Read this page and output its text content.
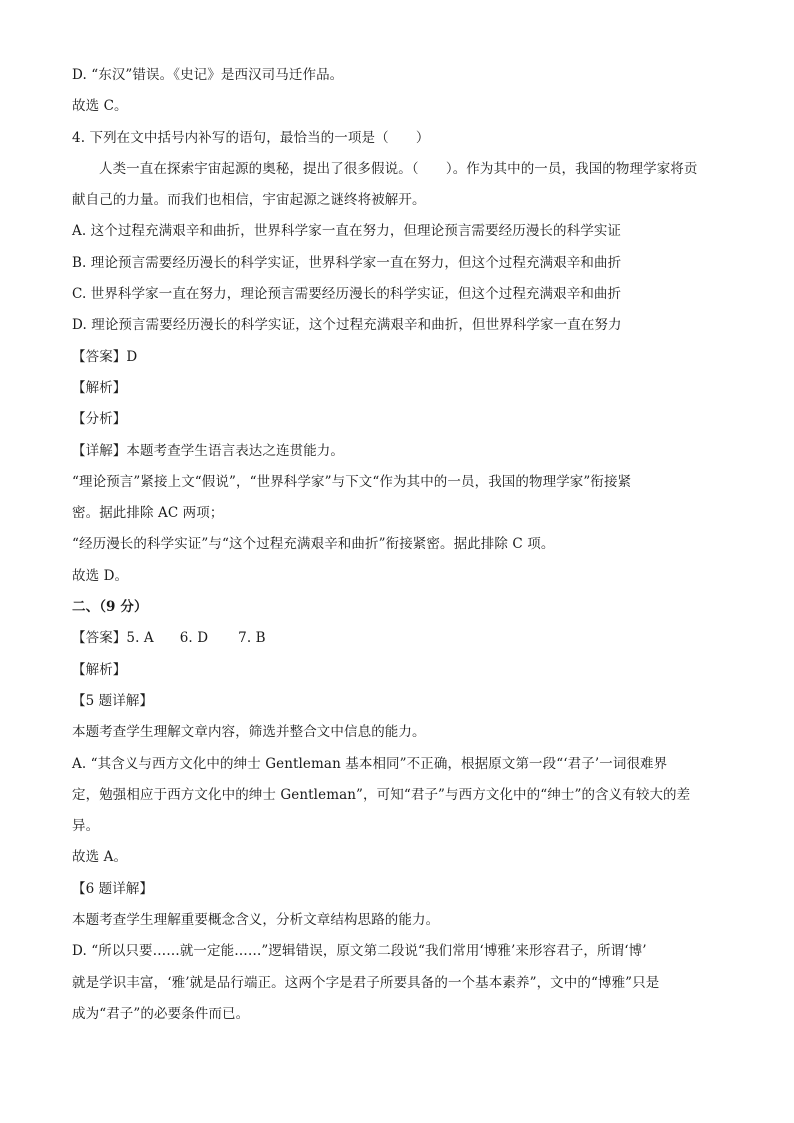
D. “东汉”错误。《史记》是西汉司马迁作品。
故选 C。
4. 下列在文中括号内补写的语句，最恰当的一项是（　　）
人类一直在探索宇宙起源的奥秘，提出了很多假说。（　　）。作为其中的一员，我国的物理学家将贡
献自己的力量。而我们也相信，宇宙起源之谜终将被解开。
A. 这个过程充满艰辛和曲折，世界科学家一直在努力，但理论预言需要经历漫长的科学实证
B. 理论预言需要经历漫长的科学实证，世界科学家一直在努力，但这个过程充满艰辛和曲折
C. 世界科学家一直在努力，理论预言需要经历漫长的科学实证，但这个过程充满艰辛和曲折
D. 理论预言需要经历漫长的科学实证，这个过程充满艰辛和曲折，但世界科学家一直在努力
【答案】D
【解析】
【分析】
【详解】本题考查学生语言表达之连贯能力。
“理论预言”紧接上文“假说”，“世界科学家”与下文“作为其中的一员，我国的物理学家”衔接紧
密。据此排除 AC 两项；
“经历漫长的科学实证”与“这个过程充满艰辛和曲折”衔接紧密。据此排除 C 项。
故选 D。
二、（9 分）
【答案】5. A 6. D 7. B
【解析】
【5 题详解】
本题考查学生理解文章内容，筛选并整合文中信息的能力。
A. “其含义与西方文化中的绅士 Gentleman 基本相同”不正确，根据原文第一段“‘君子’一词很难界
定，勉强相应于西方文化中的绅士 Gentleman”，可知“君子”与西方文化中的“绅士”的含义有较大的差
异。
故选 A。
【6 题详解】
本题考查学生理解重要概念含义，分析文章结构思路的能力。
D. “所以只要……就一定能……”逻辑错误，原文第二段说“我们常用‘博雅’来形容君子，所谓‘博’
就是学识丰富，‘雅’就是品行端正。这两个字是君子所要具备的一个基本素养”，文中的“博雅”只是
成为“君子”的必要条件而已。
